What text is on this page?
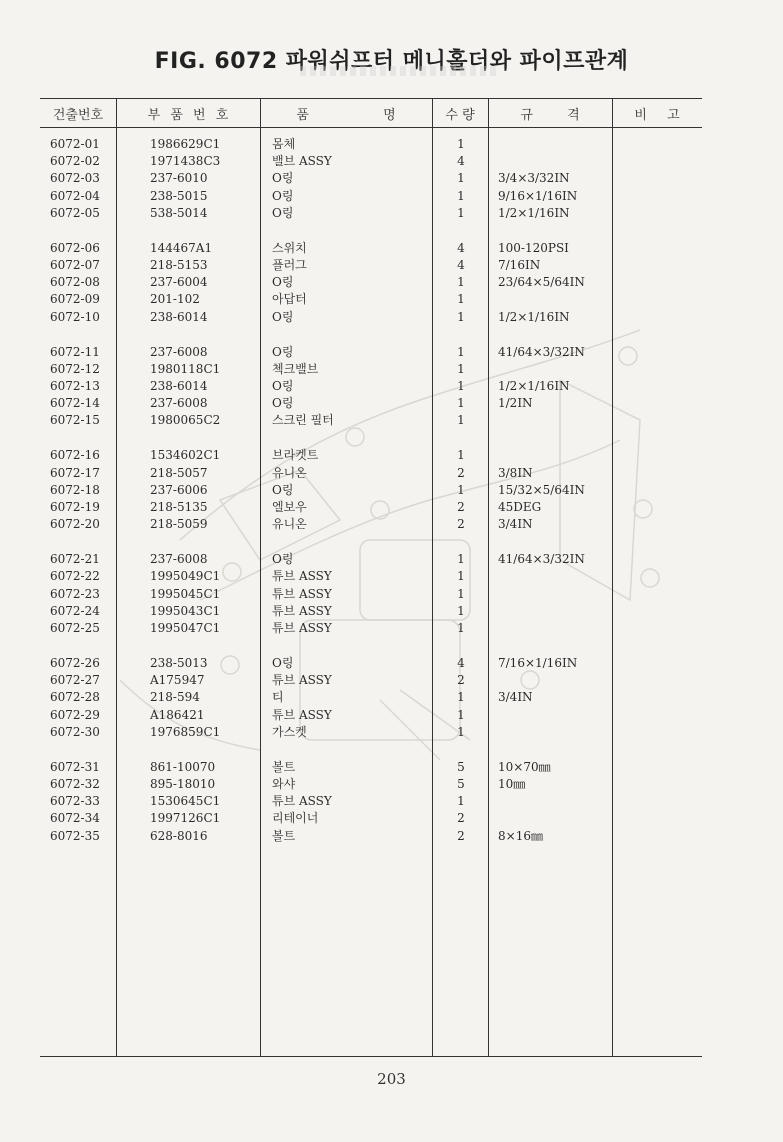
FIG. 6072 파워쉬프터 메니홀더와 파이프관계
건출번호	부 품 번 호	품 명	수 량	규 격	비 고
6072-01	1986629C1	몸체	1
6072-02	1971438C3	밸브 ASSY	4
6072-03	237-6010	O링	1	3/4×3/32IN
6072-04	238-5015	O링	1	9/16×1/16IN
6072-05	538-5014	O링	1	1/2×1/16IN
6072-06	144467A1	스위치	4	100-120PSI
6072-07	218-5153	플러그	4	7/16IN
6072-08	237-6004	O링	1	23/64×5/64IN
6072-09	201-102	아답터	1
6072-10	238-6014	O링	1	1/2×1/16IN
6072-11	237-6008	O링	1	41/64×3/32IN
6072-12	1980118C1	첵크밸브	1
6072-13	238-6014	O링	1	1/2×1/16IN
6072-14	237-6008	O링	1	1/2IN
6072-15	1980065C2	스크린 필터	1
6072-16	1534602C1	브라켓트	1
6072-17	218-5057	유니온	2	3/8IN
6072-18	237-6006	O링	1	15/32×5/64IN
6072-19	218-5135	엘보우	2	45DEG
6072-20	218-5059	유니온	2	3/4IN
6072-21	237-6008	O링	1	41/64×3/32IN
6072-22	1995049C1	튜브 ASSY	1
6072-23	1995045C1	튜브 ASSY	1
6072-24	1995043C1	튜브 ASSY	1
6072-25	1995047C1	튜브 ASSY	1
6072-26	238-5013	O링	4	7/16×1/16IN
6072-27	A175947	튜브 ASSY	2
6072-28	218-594	티	1	3/4IN
6072-29	A186421	튜브 ASSY	1
6072-30	1976859C1	가스켓	1
6072-31	861-10070	볼트	5	10×70㎜
6072-32	895-18010	와샤	5	10㎜
6072-33	1530645C1	튜브 ASSY	1
6072-34	1997126C1	리테이너	2
6072-35	628-8016	볼트	2	8×16㎜
203
